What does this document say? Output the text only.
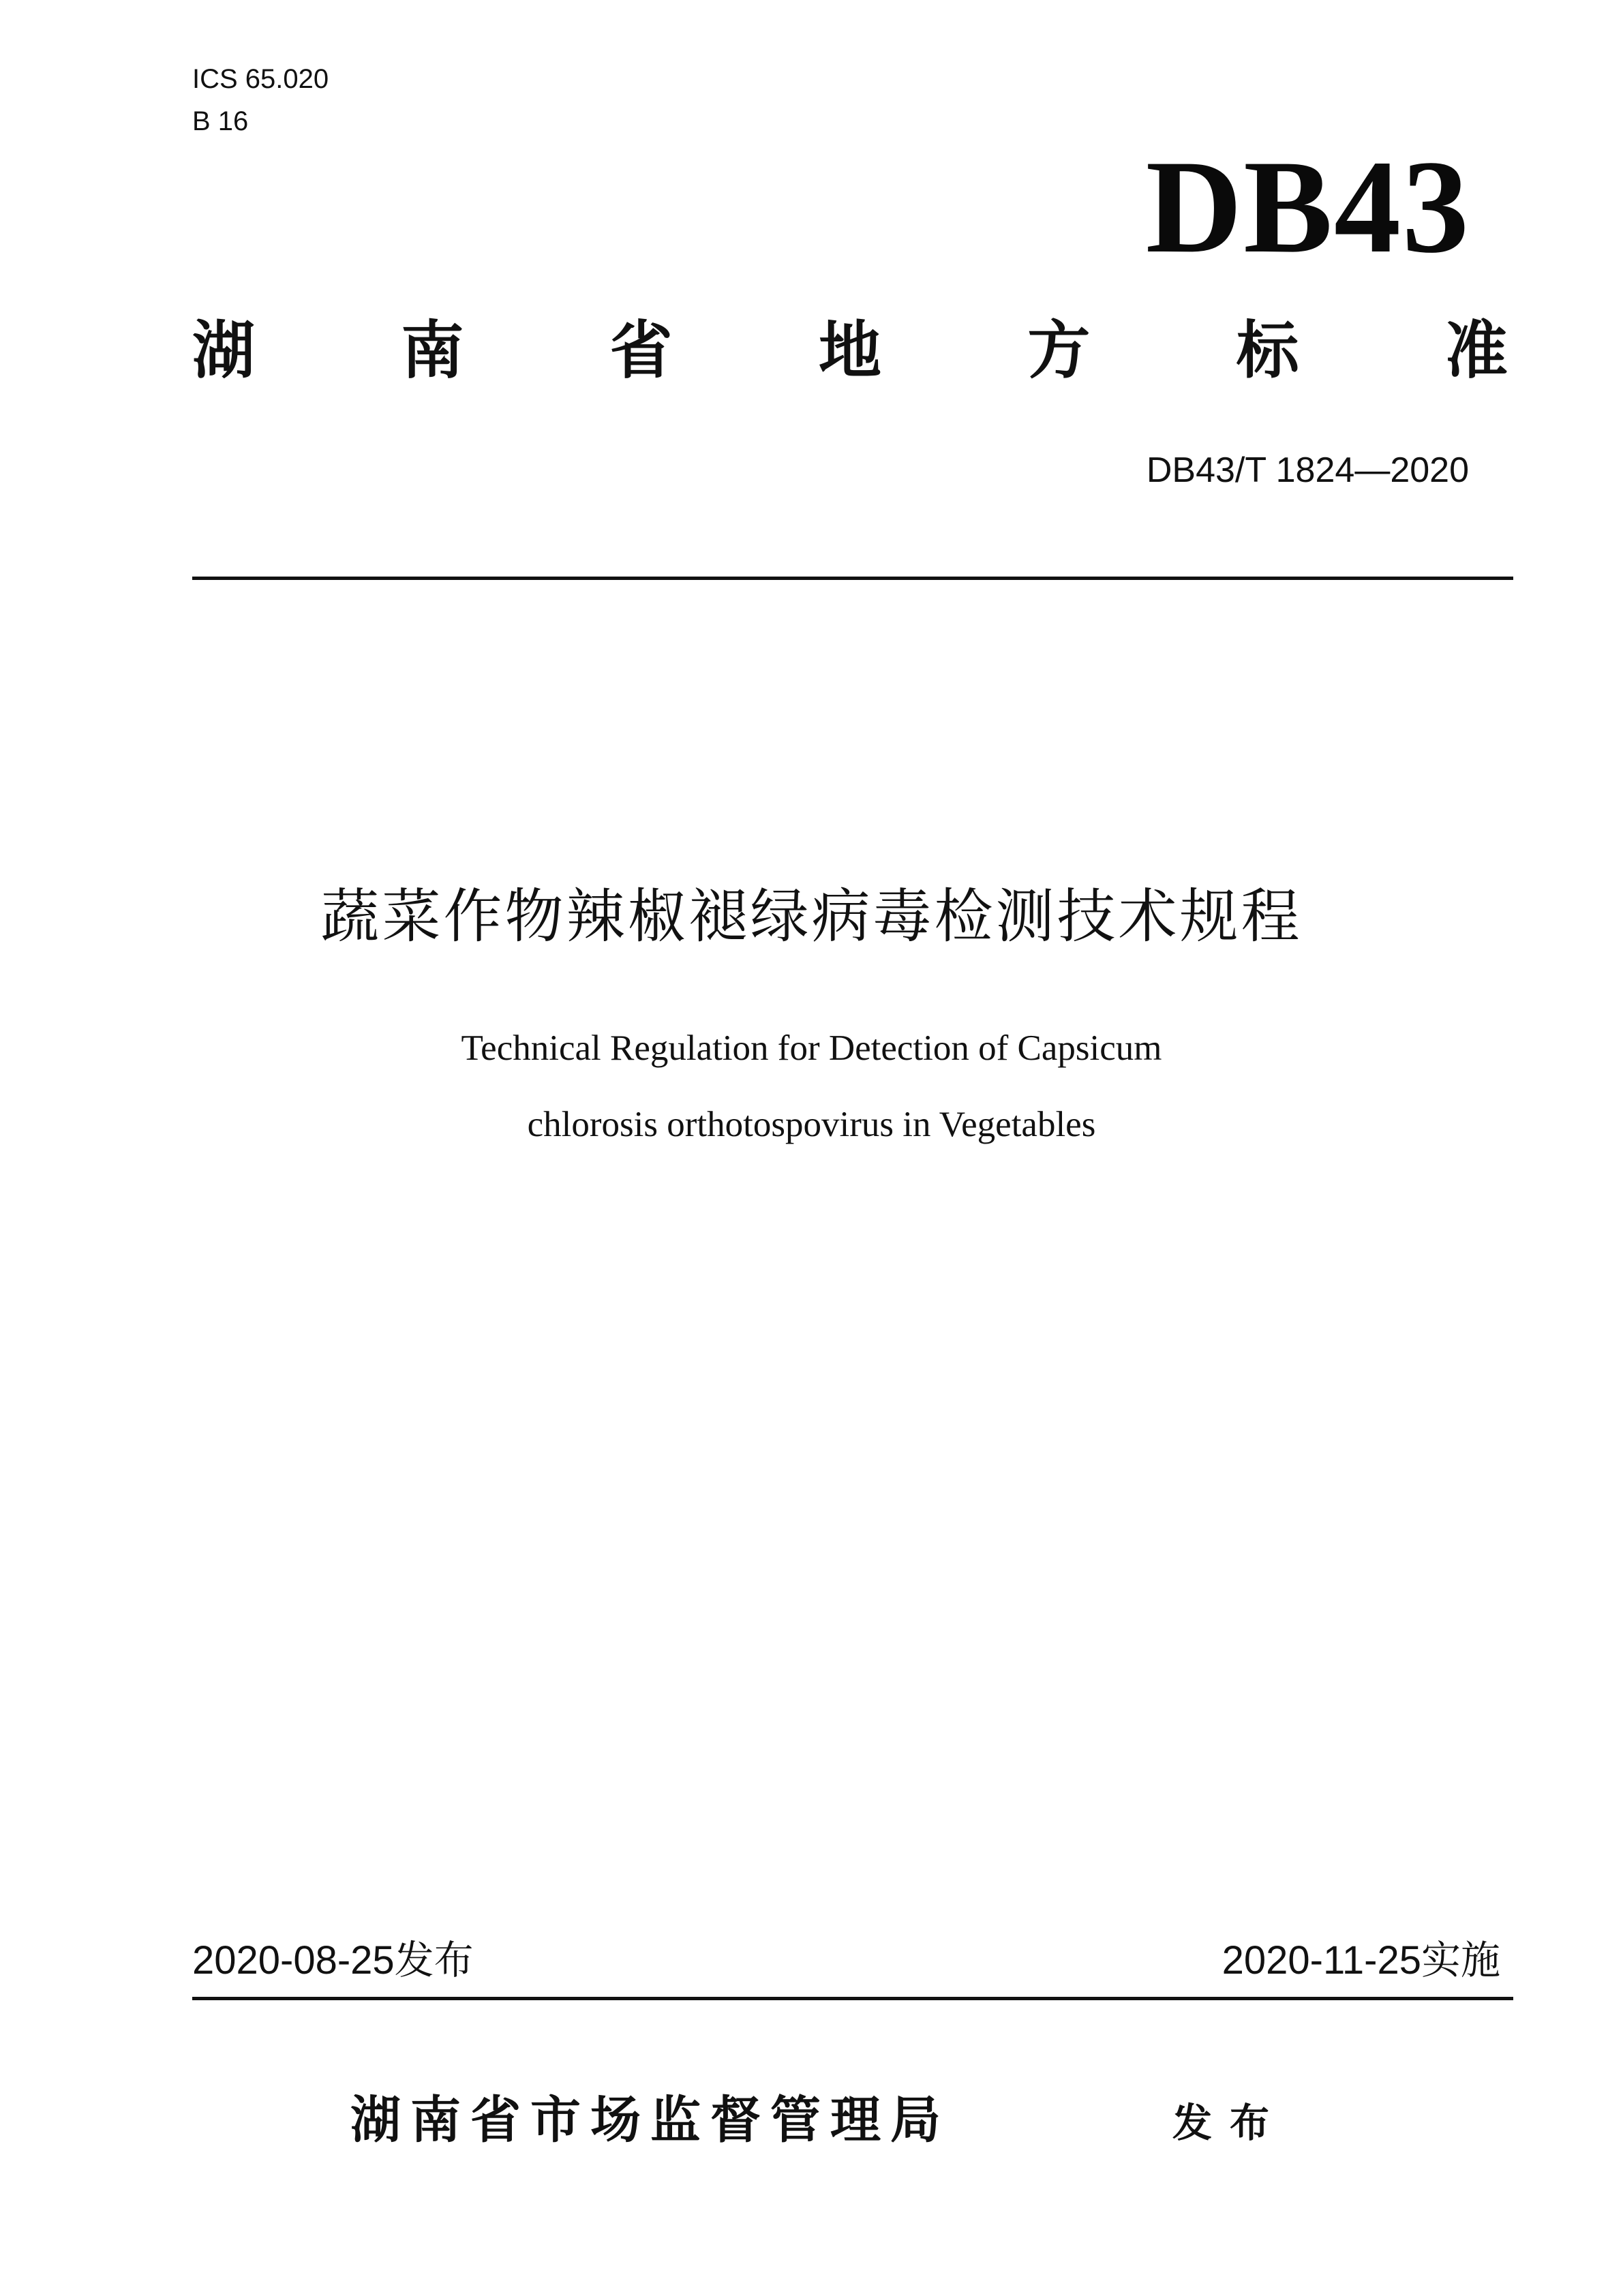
ICS 65.020
B 16
DB43
湖 南 省 地 方 标 准
DB43/T 1824—2020
蔬菜作物辣椒褪绿病毒检测技术规程
Technical Regulation for Detection of Capsicum
chlorosis orthotospovirus in Vegetables
2020-08-25发布	2020-11-25实施
湖南省市场监督管理局	发布
